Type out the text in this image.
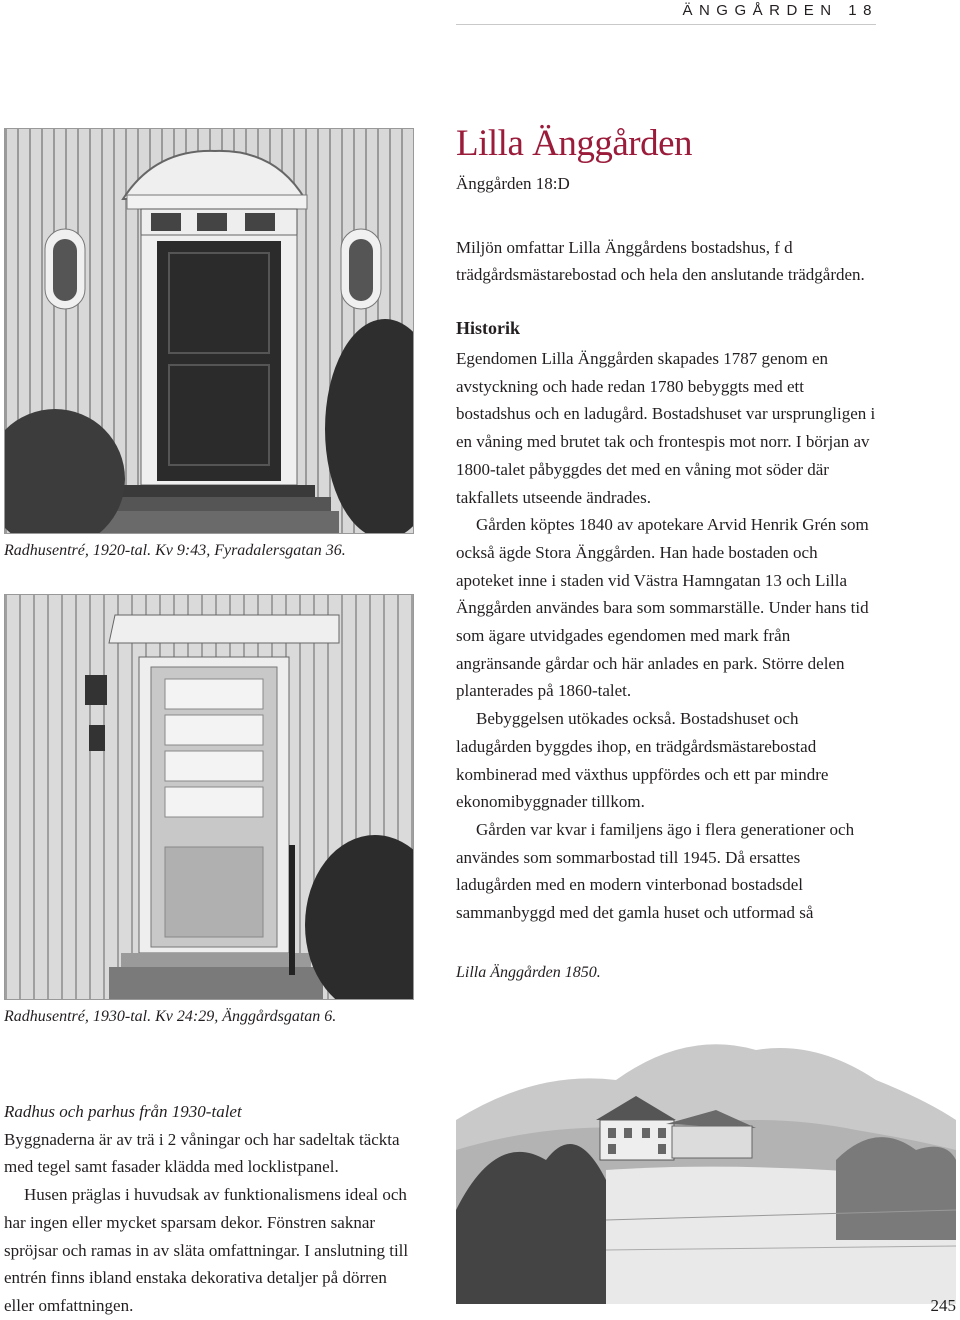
ÄNGGÅRDEN 18
Radhusentré, 1920-tal. Kv 9:43, Fyradalersgatan 36.
Radhusentré, 1930-tal. Kv 24:29, Änggårdsgatan 6.
Lilla Änggården
Änggården 18:D
Miljön omfattar Lilla Änggårdens bostadshus, f d trädgårdsmästarebostad och hela den anslutande trädgården.
Historik

Egendomen Lilla Änggården skapades 1787 genom en avstyckning och hade redan 1780 bebyggts med ett bostadshus och en ladugård. Bostadshuset var ursprungligen i en våning med brutet tak och frontespis mot norr. I början av 1800-talet påbyggdes det med en våning mot söder där takfallets utseende ändrades.

Gården köptes 1840 av apotekare Arvid Henrik Grén som också ägde Stora Änggården. Han hade bostaden och apoteket inne i staden vid Västra Hamngatan 13 och Lilla Änggården användes bara som sommarställe. Under hans tid som ägare utvidgades egendomen med mark från angränsande gårdar och här anlades en park. Större delen planterades på 1860-talet.

Bebyggelsen utökades också. Bostadshuset och ladugården byggdes ihop, en trädgårdsmästarebostad kombinerad med växthus uppfördes och ett par mindre ekonomibyggnader tillkom.

Gården var kvar i familjens ägo i flera generationer och användes som sommarbostad till 1945. Då ersattes ladugården med en modern vinterbonad bostadsdel sammanbyggd med det gamla huset och utformad så

Lilla Änggården 1850.

Radhus och parhus från 1930-talet

Byggnaderna är av trä i 2 våningar och har sadeltak täckta med tegel samt fasader klädda med locklistpanel.

Husen präglas i huvudsak av funktionalismens ideal och har ingen eller mycket sparsam dekor. Fönstren saknar spröjsar och ramas in av släta omfattningar. I anslutning till entrén finns ibland enstaka dekorativa detaljer på dörren eller omfattningen.	245
